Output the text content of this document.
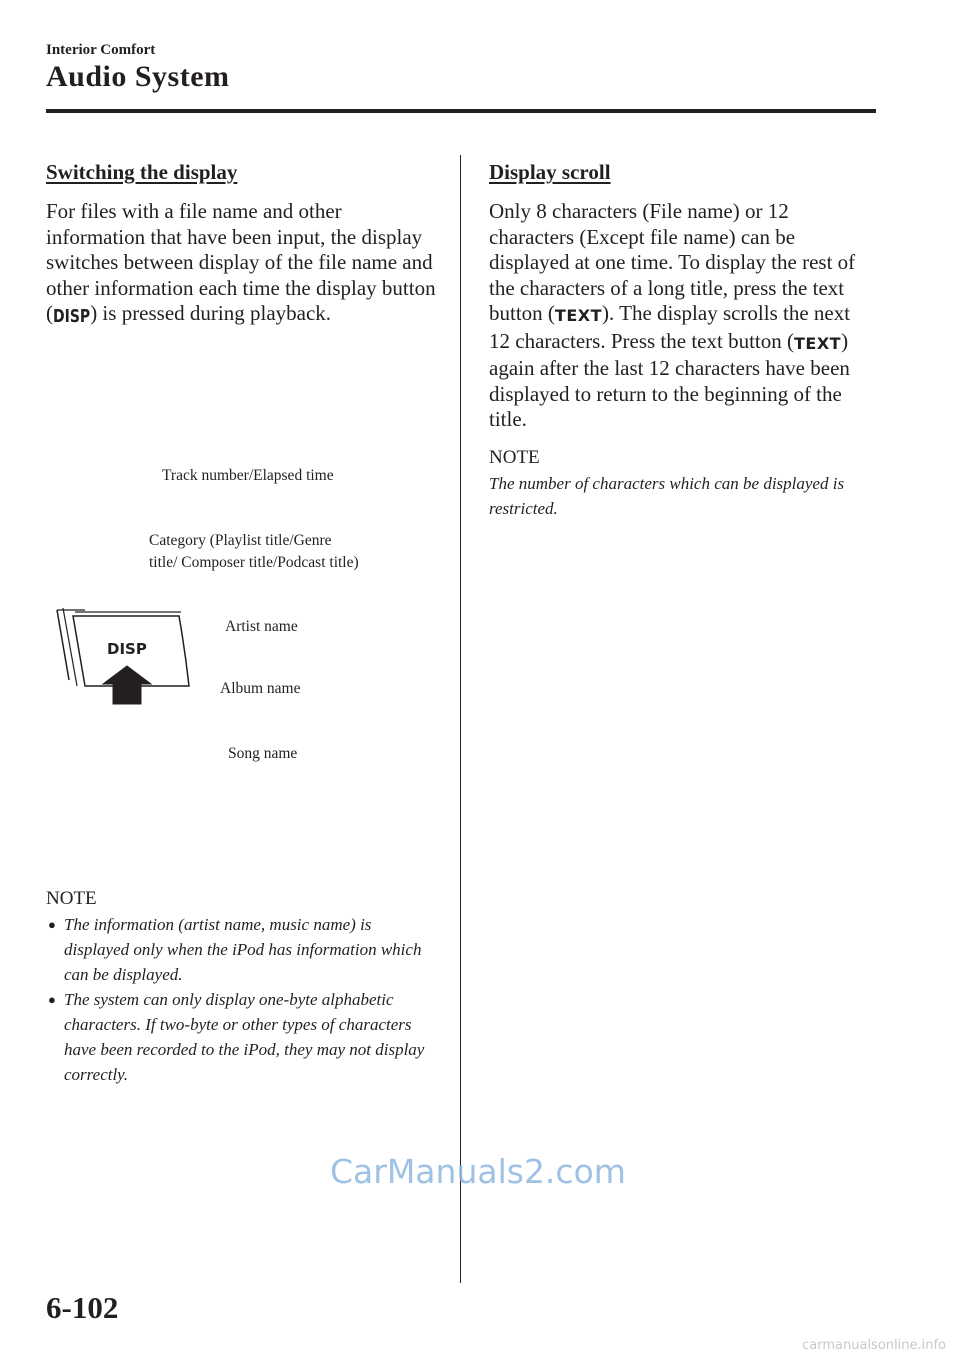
Interior Comfort
Audio System
Switching the display

For files with a file name and other information that have been input, the display switches between display of the file name and other information each time the display button (DISP) is pressed during playback.

Track number/Elapsed time
Category (Playlist title/Genre
title/ Composer title/Podcast title)
Artist name
Album name
Song name
DISP

NOTE

● The information (artist name, music name) is displayed only when the iPod has information which can be displayed.
● The system can only display one-byte alphabetic characters. If two-byte or other types of characters have been recorded to the iPod, they may not display correctly.
Display scroll

Only 8 characters (File name) or 12 characters (Except file name) can be displayed at one time. To display the rest of the characters of a long title, press the text button (TEXT). The display scrolls the next 12 characters. Press the text button (TEXT) again after the last 12 characters have been displayed to return to the beginning of the title.

NOTE

The number of characters which can be displayed is restricted.

CarManuals2.com
6-102
carmanualsonline.info
